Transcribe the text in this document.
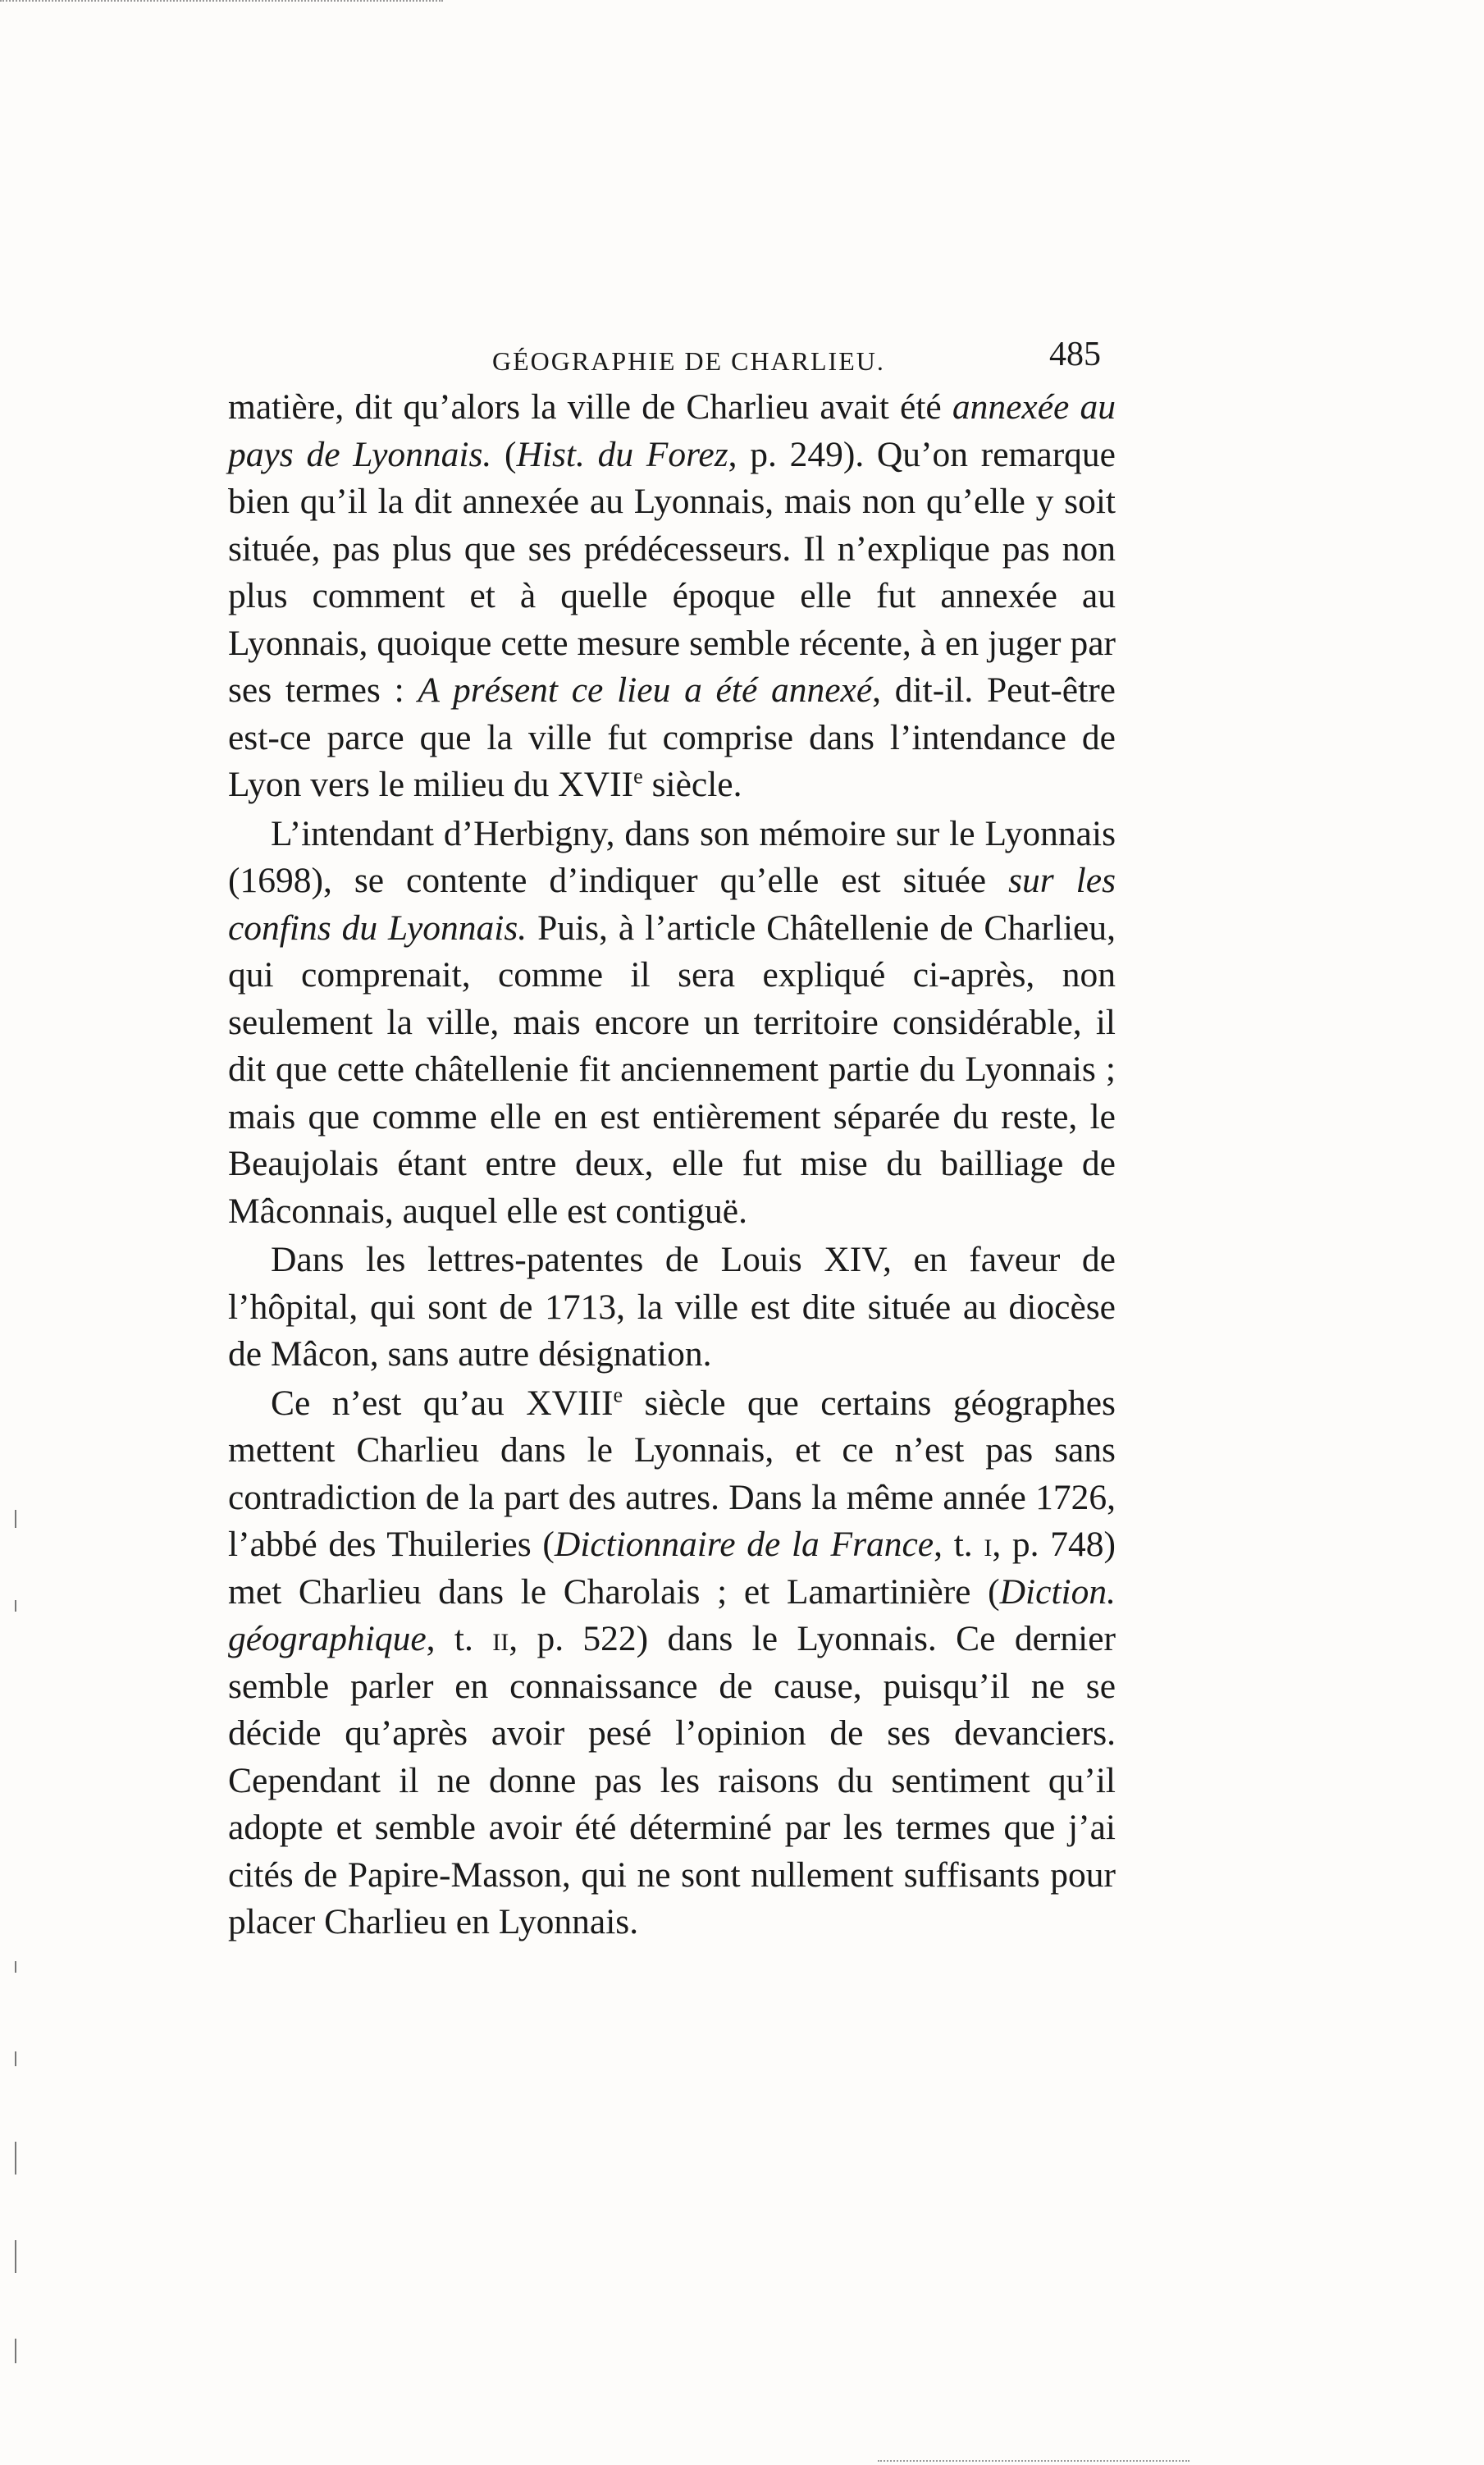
GÉOGRAPHIE DE CHARLIEU.	485

matière, dit qu’alors la ville de Charlieu avait été annexée au pays de Lyonnais. (Hist. du Forez, p. 249). Qu’on remarque bien qu’il la dit annexée au Lyonnais, mais non qu’elle y soit située, pas plus que ses prédécesseurs. Il n’explique pas non plus comment et à quelle époque elle fut annexée au Lyonnais, quoique cette mesure semble récente, à en juger par ses termes : A présent ce lieu a été annexé, dit-il. Peut-être est-ce parce que la ville fut comprise dans l’intendance de Lyon vers le milieu du XVIIe siècle.

L’intendant d’Herbigny, dans son mémoire sur le Lyonnais (1698), se contente d’indiquer qu’elle est située sur les confins du Lyonnais. Puis, à l’article Châtellenie de Charlieu, qui comprenait, comme il sera expliqué ci-après, non seulement la ville, mais encore un territoire considérable, il dit que cette châtellenie fit anciennement partie du Lyonnais ; mais que comme elle en est entièrement séparée du reste, le Beaujolais étant entre deux, elle fut mise du bailliage de Mâconnais, auquel elle est contiguë.

Dans les lettres-patentes de Louis XIV, en faveur de l’hôpital, qui sont de 1713, la ville est dite située au diocèse de Mâcon, sans autre désignation.

Ce n’est qu’au XVIIIe siècle que certains géographes mettent Charlieu dans le Lyonnais, et ce n’est pas sans contradiction de la part des autres. Dans la même année 1726, l’abbé des Thuileries (Dictionnaire de la France, t. i, p. 748) met Charlieu dans le Charolais ; et Lamartinière (Diction. géographique, t. ii, p. 522) dans le Lyonnais. Ce dernier semble parler en connaissance de cause, puisqu’il ne se décide qu’après avoir pesé l’opinion de ses devanciers. Cependant il ne donne pas les raisons du sentiment qu’il adopte et semble avoir été déterminé par les termes que j’ai cités de Papire-Masson, qui ne sont nullement suffisants pour placer Charlieu en Lyonnais.
